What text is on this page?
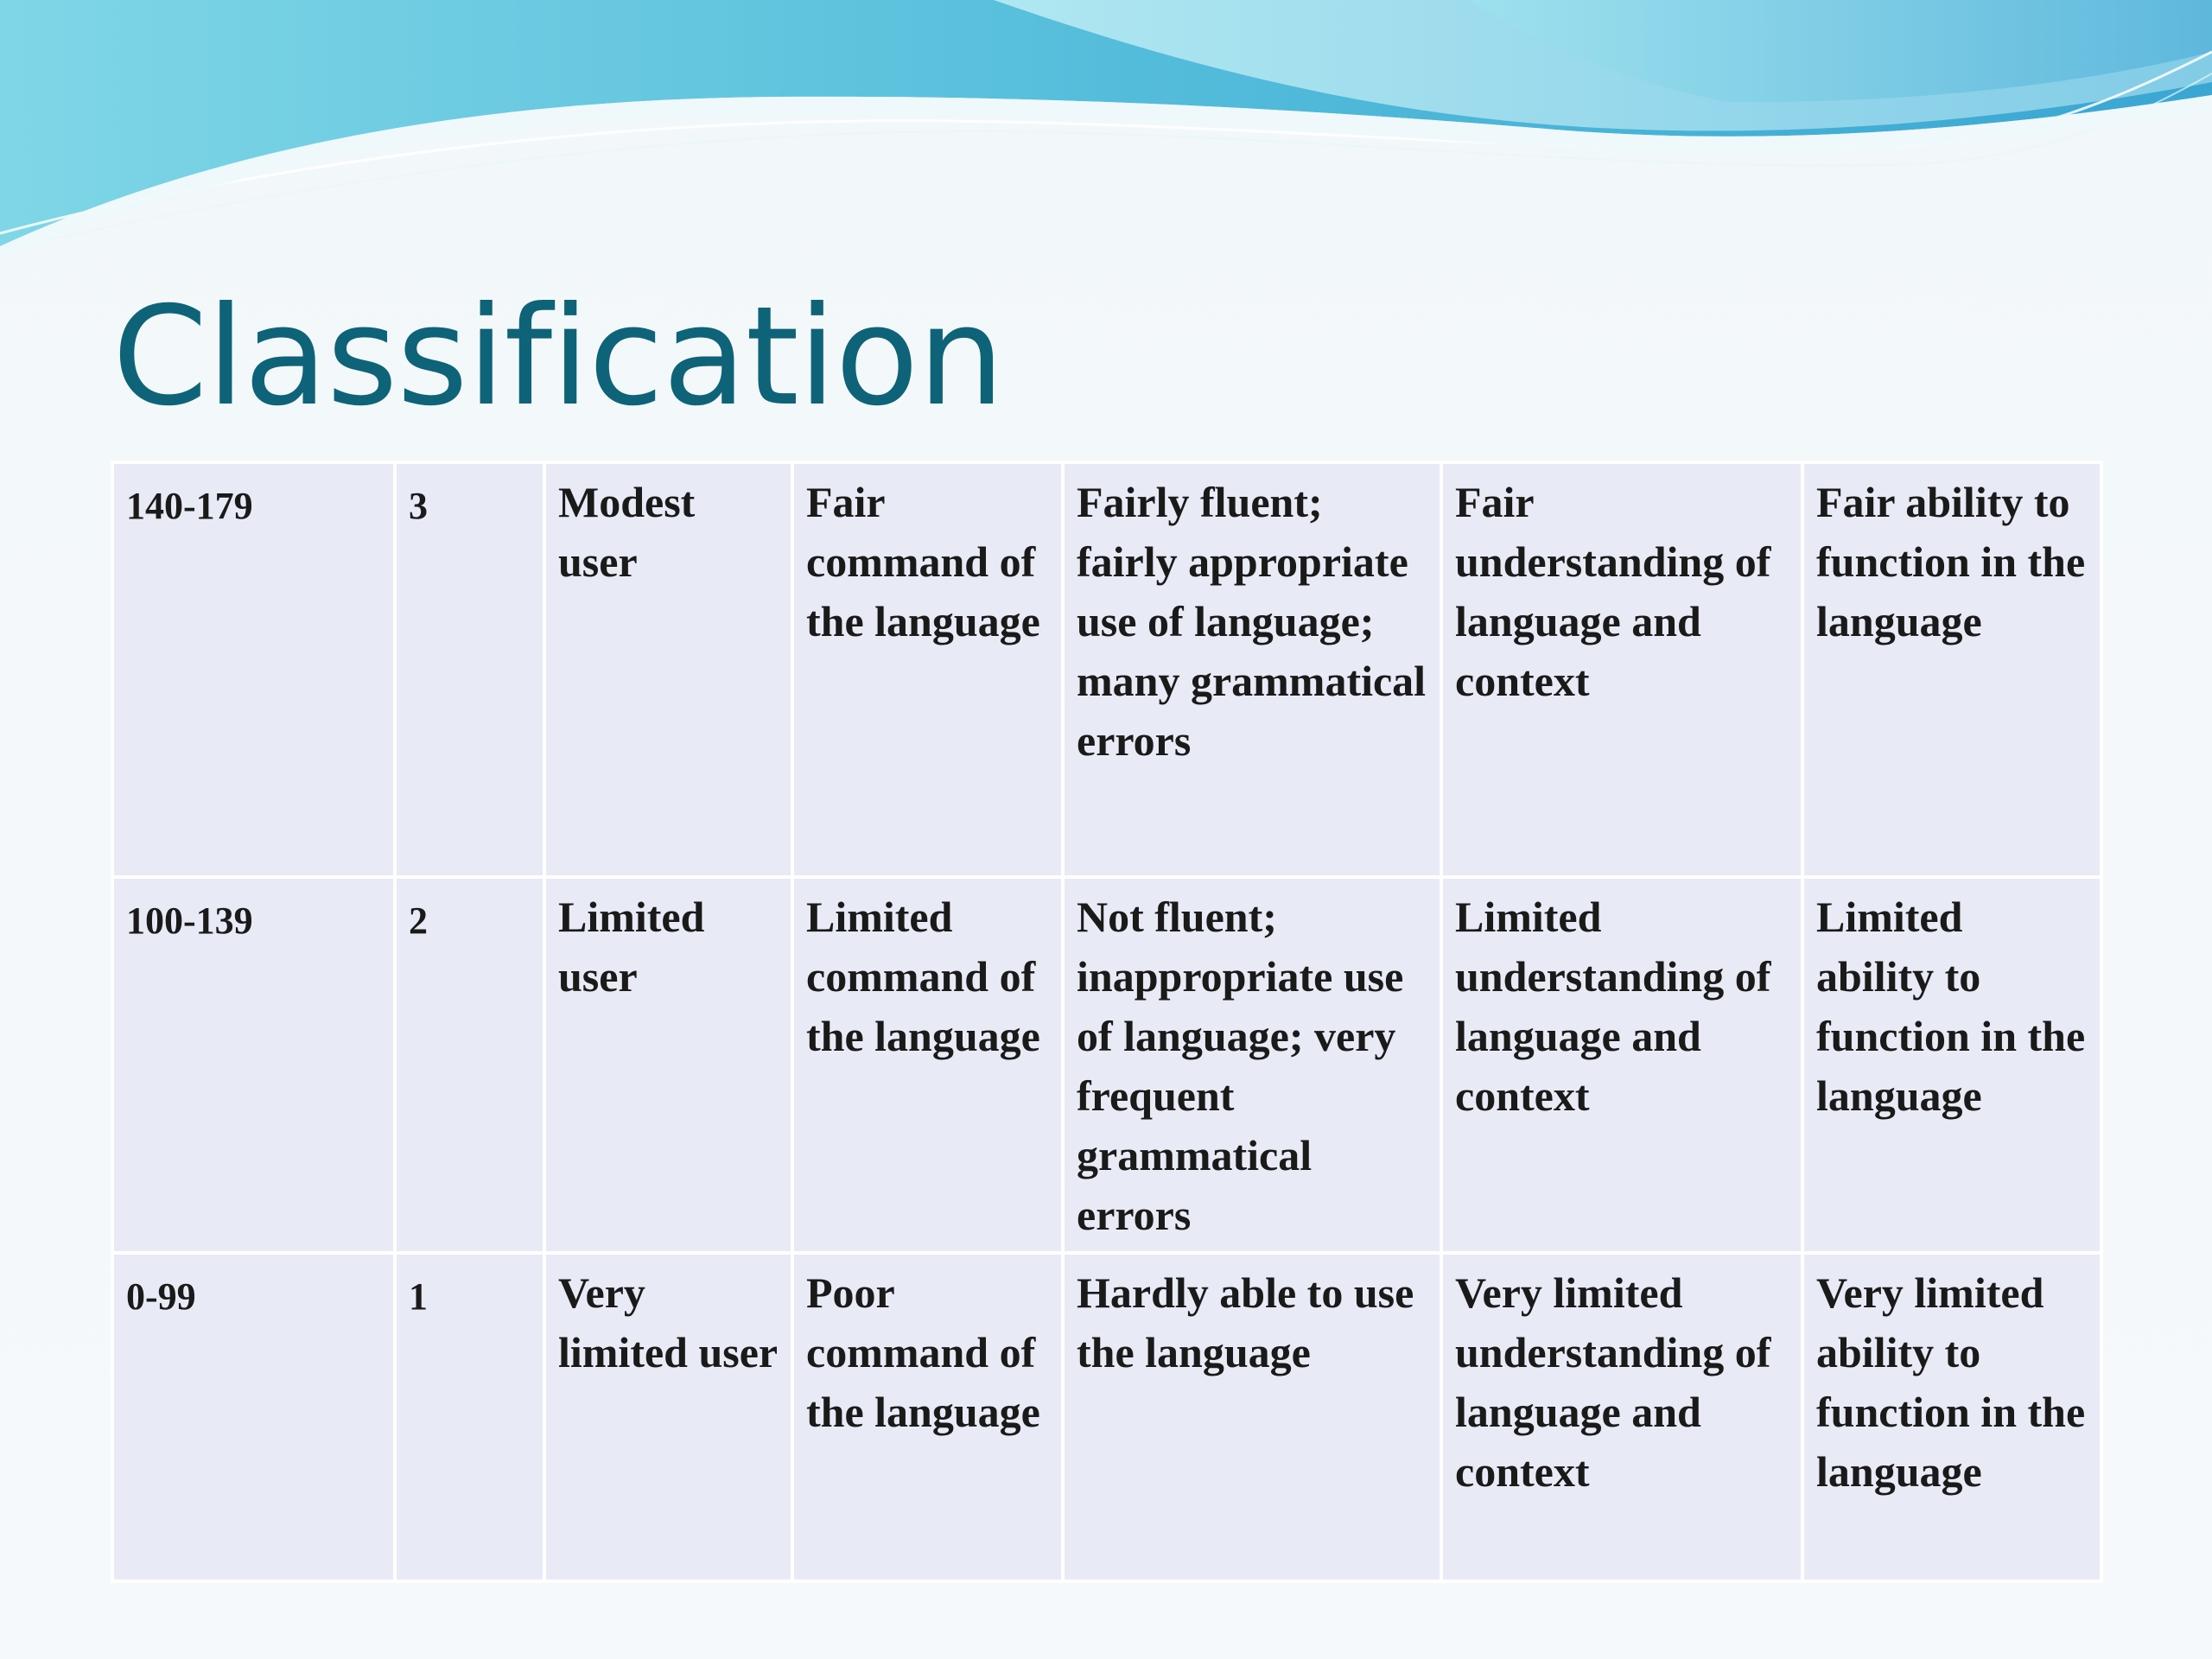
Classification
140-179	3	Modest user	Fair command of the language	Fairly fluent; fairly appropriate use of language; many grammatical errors	Fair understanding of language and context	Fair ability to function in the language
100-139	2	Limited user	Limited command of the language	Not fluent; inappropriate use of language; very frequent grammatical errors	Limited understanding of language and context	Limited ability to function in the language
0-99	1	Very limited user	Poor command of the language	Hardly able to use the language	Very limited understanding of language and context	Very limited ability to function in the language
